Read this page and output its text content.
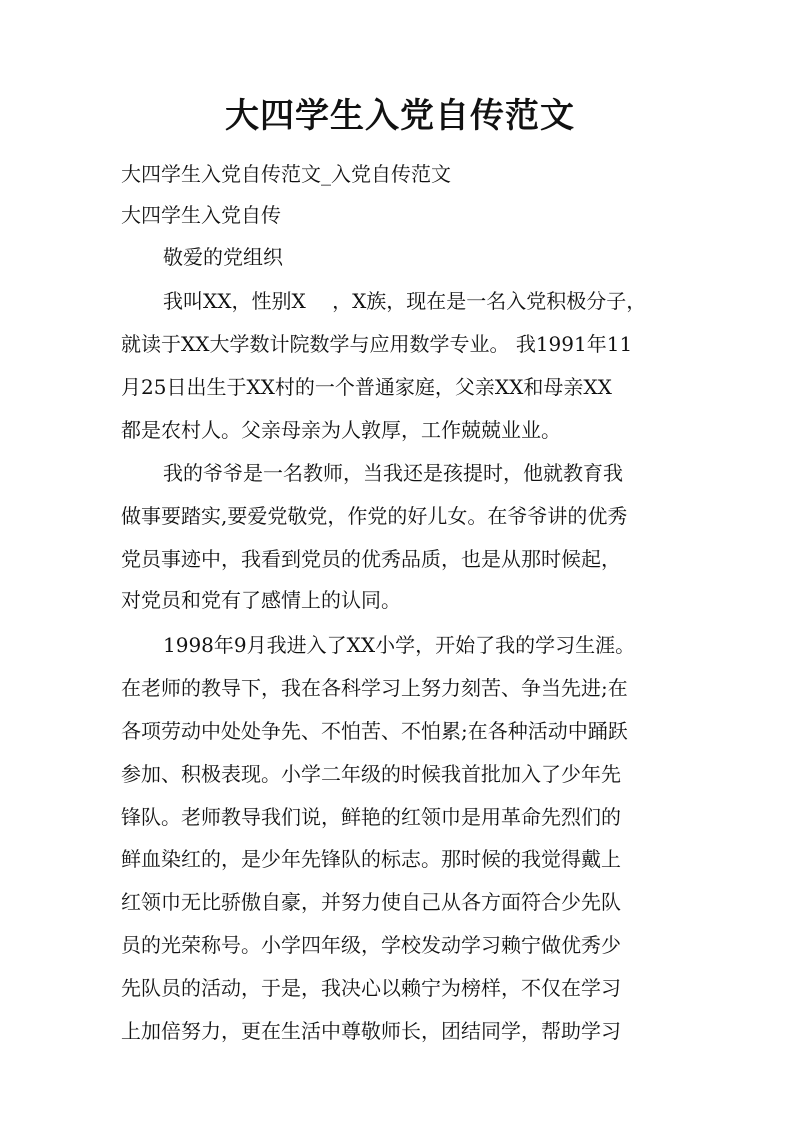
大四学生入党自传范文

大四学生入党自传范文_入党自传范文

大四学生入党自传

敬爱的党组织

我叫XX，性别X　 ，X族，现在是一名入党积极分子，

就读于XX大学数计院数学与应用数学专业。 我1991年11

月25日出生于XX村的一个普通家庭，父亲XX和母亲XX

都是农村人。父亲母亲为人敦厚，工作兢兢业业。

我的爷爷是一名教师，当我还是孩提时，他就教育我

做事要踏实,要爱党敬党，作党的好儿女。在爷爷讲的优秀

党员事迹中，我看到党员的优秀品质，也是从那时候起，

对党员和党有了感情上的认同。

1998年9月我进入了XX小学，开始了我的学习生涯。

在老师的教导下，我在各科学习上努力刻苦、争当先进;在

各项劳动中处处争先、不怕苦、不怕累;在各种活动中踊跃

参加、积极表现。小学二年级的时候我首批加入了少年先

锋队。老师教导我们说，鲜艳的红领巾是用革命先烈们的

鲜血染红的，是少年先锋队的标志。那时候的我觉得戴上

红领巾无比骄傲自豪，并努力使自己从各方面符合少先队

员的光荣称号。小学四年级，学校发动学习赖宁做优秀少

先队员的活动，于是，我决心以赖宁为榜样，不仅在学习

上加倍努力，更在生活中尊敬师长，团结同学，帮助学习
